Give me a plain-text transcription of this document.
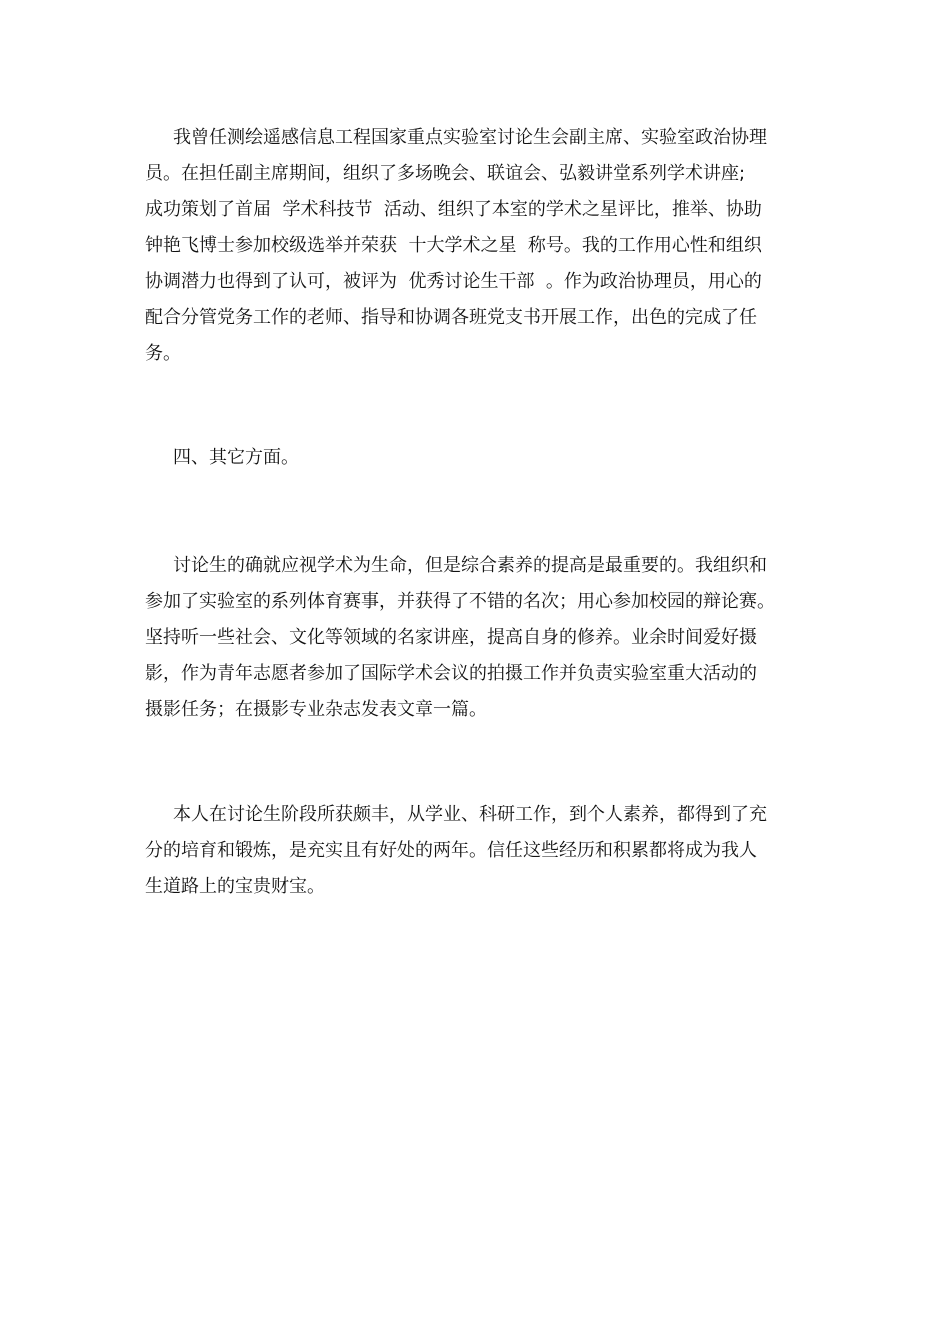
我曾任测绘遥感信息工程国家重点实验室讨论生会副主席、实验室政治协理
员。在担任副主席期间，组织了多场晚会、联谊会、弘毅讲堂系列学术讲座;
成功策划了首届  学术科技节  活动、组织了本室的学术之星评比，推举、协助
钟艳飞博士参加校级选举并荣获  十大学术之星  称号。我的工作用心性和组织
协调潜力也得到了认可，被评为  优秀讨论生干部  。作为政治协理员，用心的
配合分管党务工作的老师、指导和协调各班党支书开展工作，出色的完成了任
务。
四、其它方面。
讨论生的确就应视学术为生命，但是综合素养的提高是最重要的。我组织和
参加了实验室的系列体育赛事，并获得了不错的名次；用心参加校园的辩论赛。
坚持听一些社会、文化等领域的名家讲座，提高自身的修养。业余时间爱好摄
影，作为青年志愿者参加了国际学术会议的拍摄工作并负责实验室重大活动的
摄影任务；在摄影专业杂志发表文章一篇。
本人在讨论生阶段所获颇丰，从学业、科研工作，到个人素养，都得到了充
分的培育和锻炼，是充实且有好处的两年。信任这些经历和积累都将成为我人
生道路上的宝贵财宝。
